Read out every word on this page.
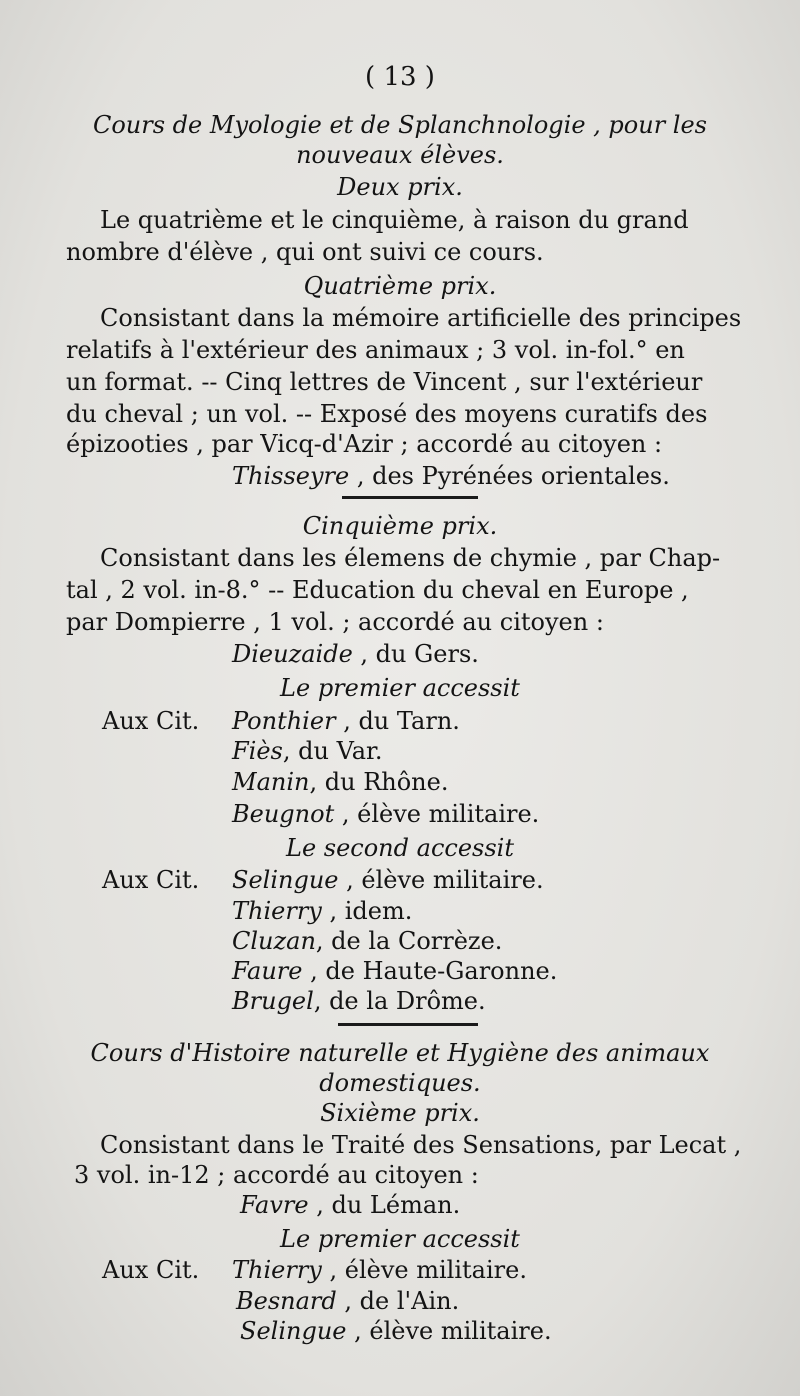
( 13 )
Cours de Myologie et de Splanchnologie , pour les
nouveaux élèves.
Deux prix.
Le quatrième et le cinquième, à raison du grand
nombre d'élève , qui ont suivi ce cours.
Quatrième prix.
Consistant dans la mémoire artificielle des principes
relatifs à l'extérieur des animaux ; 3 vol. in-fol.° en
un format. -- Cinq lettres de Vincent , sur l'extérieur
du cheval ; un vol. -- Exposé des moyens curatifs des
épizooties , par Vicq-d'Azir ; accordé au citoyen :
Thisseyre , des Pyrénées orientales.
Cinquième prix.
Consistant dans les élemens de chymie , par Chap-
tal , 2 vol. in-8.° -- Education du cheval en Europe ,
par Dompierre , 1 vol. ; accordé au citoyen :
Dieuzaide , du Gers.
Le premier accessit
Aux Cit. Ponthier , du Tarn.
Fiès, du Var.
Manin, du Rhône.
Beugnot , élève militaire.
Le second accessit
Aux Cit. Selingue , élève militaire.
Thierry , idem.
Cluzan, de la Corrèze.
Faure , de Haute-Garonne.
Brugel, de la Drôme.
Cours d'Histoire naturelle et Hygiène des animaux
domestiques.
Sixième prix.
Consistant dans le Traité des Sensations, par Lecat ,
3 vol. in-12 ; accordé au citoyen :
Favre , du Léman.
Le premier accessit
Aux Cit. Thierry , élève militaire.
Besnard , de l'Ain.
Selingue , élève militaire.
